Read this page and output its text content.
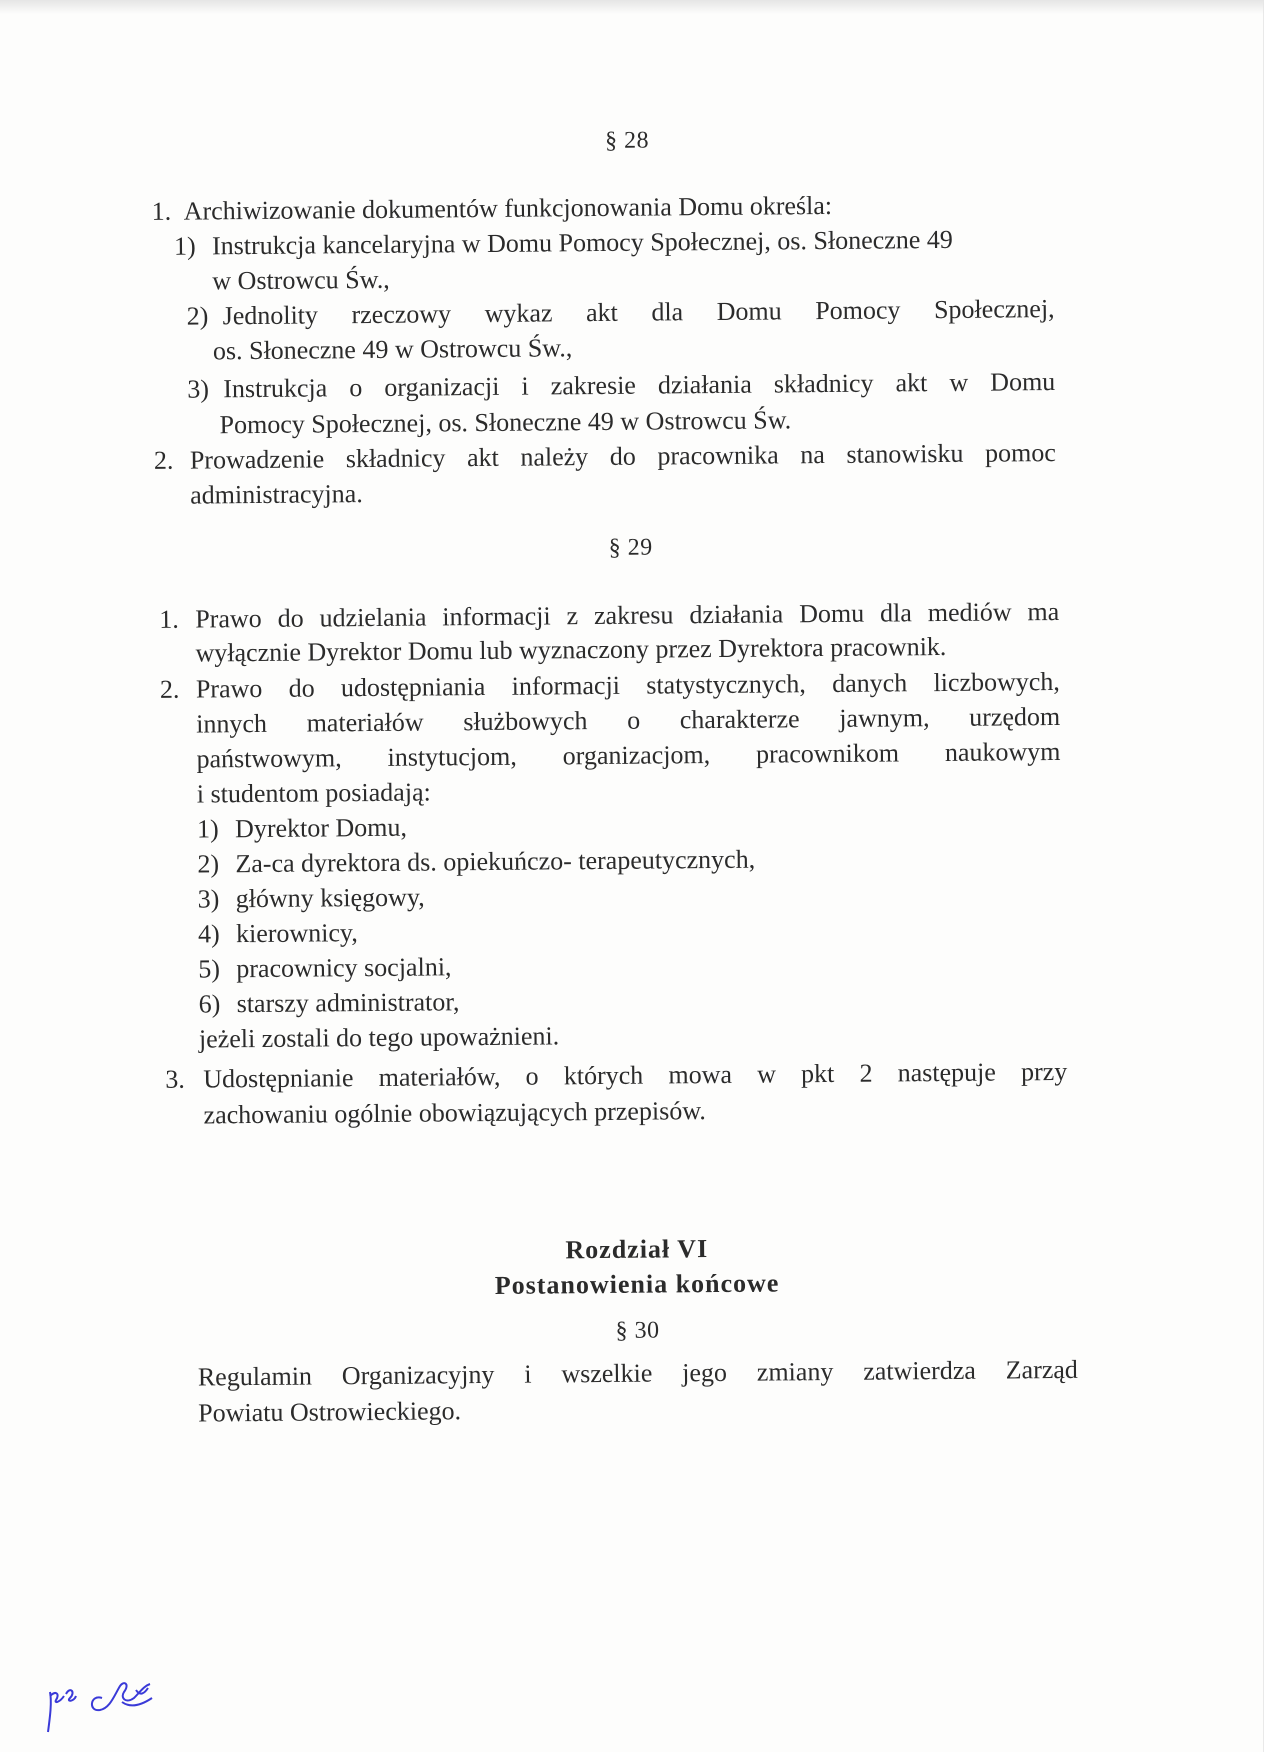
§ 28
1. Archiwizowanie dokumentów funkcjonowania Domu określa:
1) Instrukcja kancelaryjna w Domu Pomocy Społecznej, os. Słoneczne 49
w Ostrowcu Św.,
2) Jednolity rzeczowy wykaz akt dla Domu Pomocy Społecznej,
os. Słoneczne 49 w Ostrowcu Św.,
3) Instrukcja o organizacji i zakresie działania składnicy akt w Domu
Pomocy Społecznej, os. Słoneczne 49 w Ostrowcu Św.
2. Prowadzenie składnicy akt należy do pracownika na stanowisku pomoc
administracyjna.
§ 29
1. Prawo do udzielania informacji z zakresu działania Domu dla mediów ma
wyłącznie Dyrektor Domu lub wyznaczony przez Dyrektora pracownik.
2. Prawo do udostępniania informacji statystycznych, danych liczbowych,
innych materiałów służbowych o charakterze jawnym, urzędom
państwowym, instytucjom, organizacjom, pracownikom naukowym
i studentom posiadają:
1) Dyrektor Domu,
2) Za-ca dyrektora ds. opiekuńczo- terapeutycznych,
3) główny księgowy,
4) kierownicy,
5) pracownicy socjalni,
6) starszy administrator,
jeżeli zostali do tego upoważnieni.
3. Udostępnianie materiałów, o których mowa w pkt 2 następuje przy
zachowaniu ogólnie obowiązujących przepisów.
Rozdział VI
Postanowienia końcowe
§ 30
Regulamin Organizacyjny i wszelkie jego zmiany zatwierdza Zarząd
Powiatu Ostrowieckiego.
